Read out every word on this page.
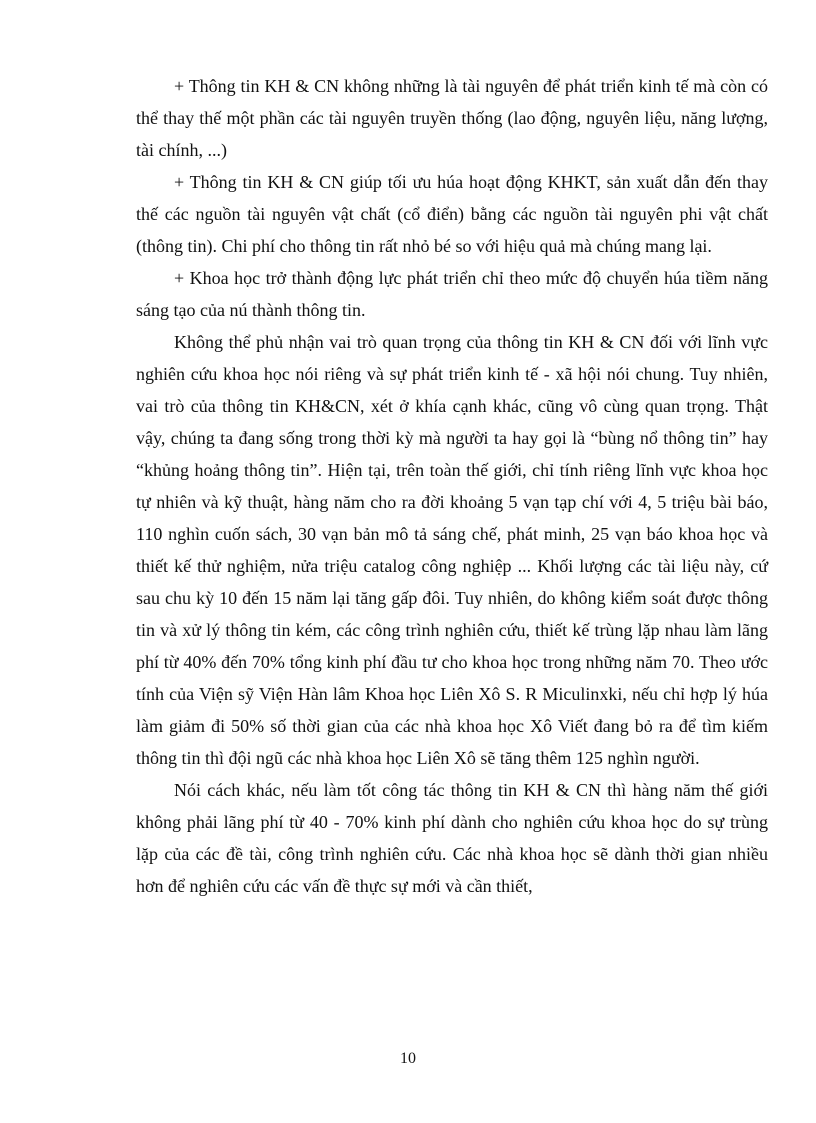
+ Thông tin KH & CN không những là tài nguyên để phát triển kinh tế mà còn có thể thay thế một phần các tài nguyên truyền thống (lao động, nguyên liệu, năng lượng, tài chính, ...)

+ Thông tin KH & CN giúp tối ưu húa hoạt động KHKT, sản xuất dẫn đến thay thế các nguồn tài nguyên vật chất (cổ điển) bằng các nguồn tài nguyên phi vật chất (thông tin). Chi phí cho thông tin rất nhỏ bé so với hiệu quả mà chúng mang lại.

+ Khoa học trở thành động lực phát triển chỉ theo mức độ chuyển húa tiềm năng sáng tạo của nú thành thông tin.

Không thể phủ nhận vai trò quan trọng của thông tin KH & CN đối với lĩnh vực nghiên cứu khoa học nói riêng và sự phát triển kinh tế - xã hội nói chung. Tuy nhiên, vai trò của thông tin KH&CN, xét ở khía cạnh khác, cũng vô cùng quan trọng. Thật vậy, chúng ta đang sống trong thời kỳ mà người ta hay gọi là “bùng nổ thông tin” hay “khủng hoảng thông tin”. Hiện tại, trên toàn thế giới, chỉ tính riêng lĩnh vực khoa học tự nhiên và kỹ thuật, hàng năm cho ra đời khoảng 5 vạn tạp chí với 4, 5 triệu bài báo, 110 nghìn cuốn sách, 30 vạn bản mô tả sáng chế, phát minh, 25 vạn báo khoa học và thiết kế thử nghiệm, nửa triệu catalog công nghiệp ... Khối lượng các tài liệu này, cứ sau chu kỳ 10 đến 15 năm lại tăng gấp đôi. Tuy nhiên, do không kiểm soát được thông tin và xử lý thông tin kém, các công trình nghiên cứu, thiết kế trùng lặp nhau làm lãng phí từ 40% đến 70% tổng kinh phí đầu tư cho khoa học trong những năm 70. Theo ước tính của Viện sỹ Viện Hàn lâm Khoa học Liên Xô S. R Miculinxki, nếu chỉ hợp lý húa làm giảm đi 50% số thời gian của các nhà khoa học Xô Viết đang bỏ ra để tìm kiếm thông tin thì đội ngũ các nhà khoa học Liên Xô sẽ tăng thêm 125 nghìn người.

Nói cách khác, nếu làm tốt công tác thông tin KH & CN thì hàng năm thế giới không phải lãng phí từ 40 - 70% kinh phí dành cho nghiên cứu khoa học do sự trùng lặp của các đề tài, công trình nghiên cứu. Các nhà khoa học sẽ dành thời gian nhiều hơn để nghiên cứu các vấn đề thực sự mới và cần thiết,

10
